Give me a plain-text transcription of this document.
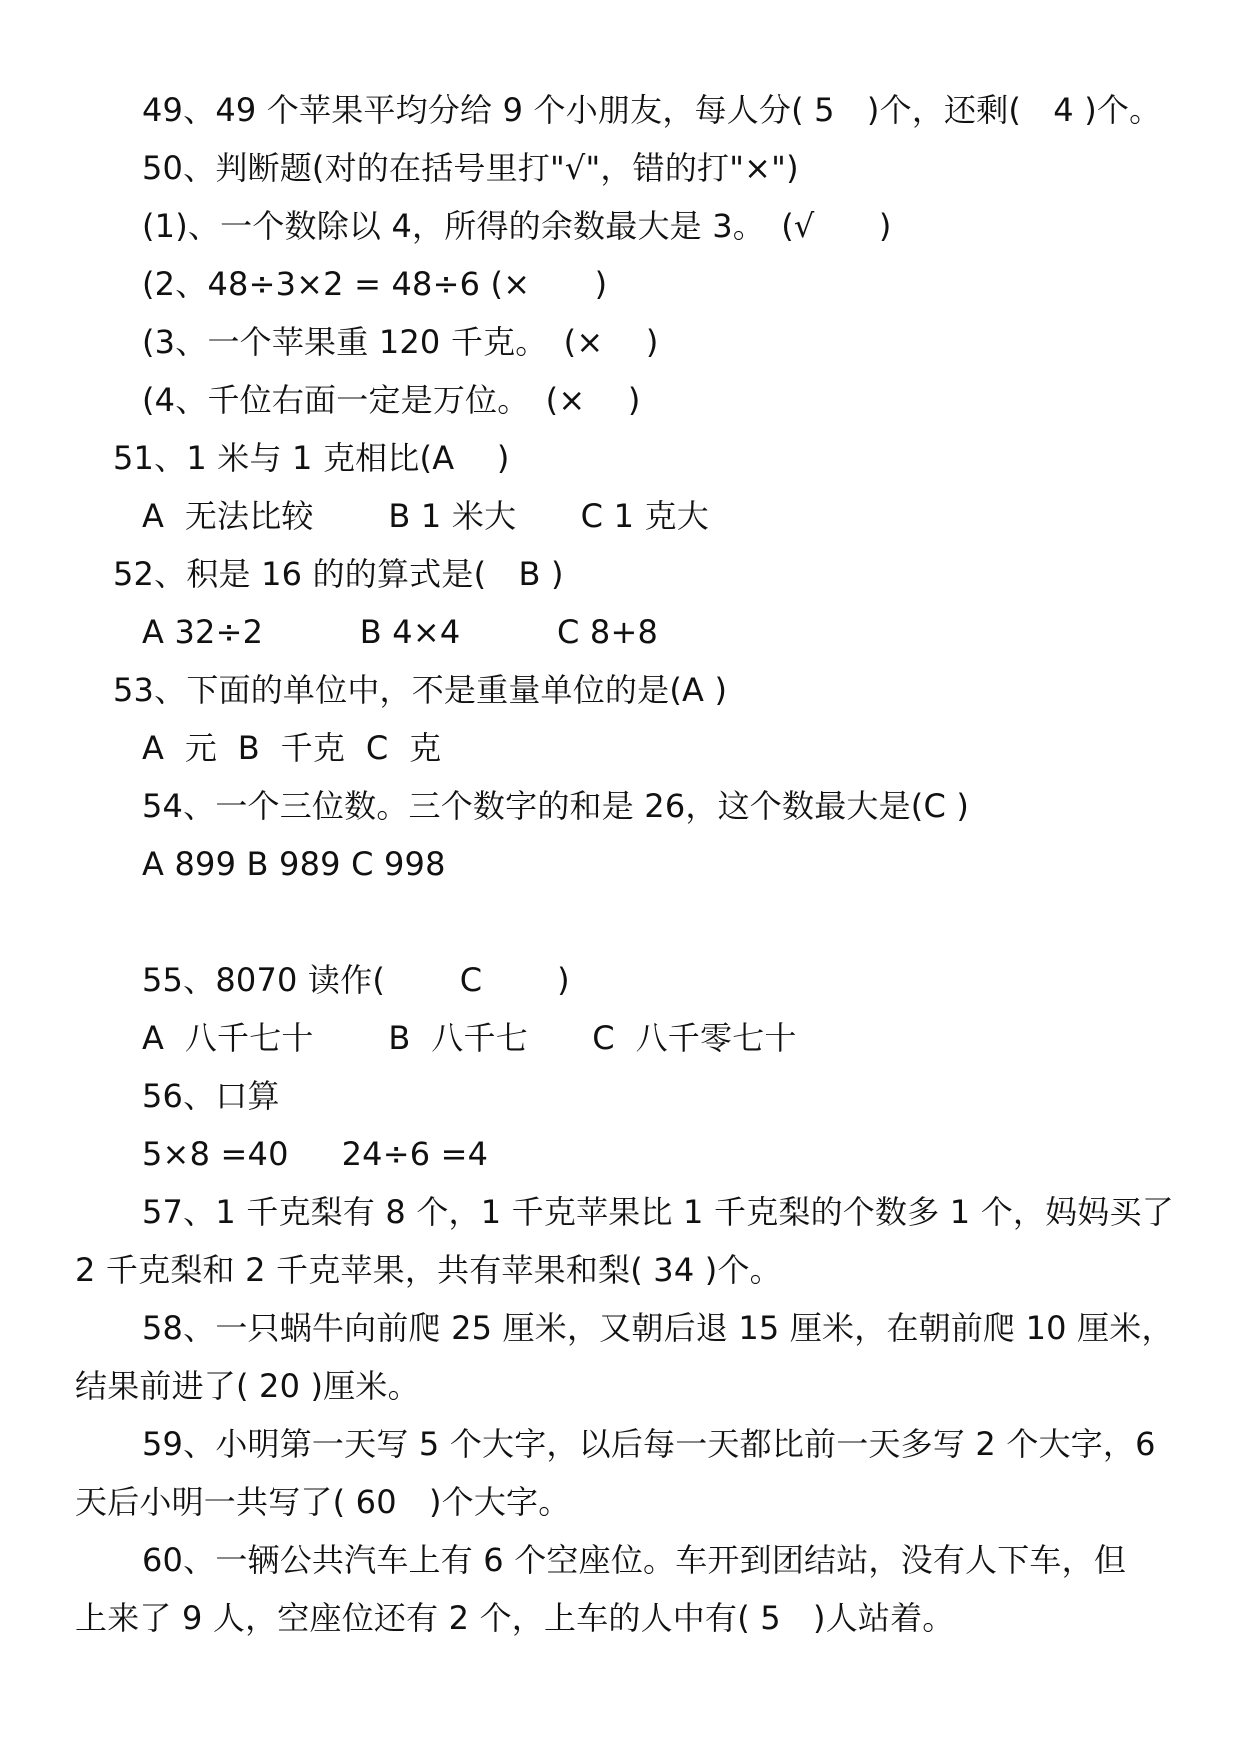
49、49 个苹果平均分给 9 个小朋友，每人分( 5　)个，还剩(　4 )个。
50、判断题(对的在括号里打"√"，错的打"×")
(1)、一个数除以 4，所得的余数最大是 3。　(√　　)
(2、48÷3×2 = 48÷6 (×　　)
(3、一个苹果重 120 千克。　(×　 )
(4、千位右面一定是万位。　(×　 )
51、1 米与 1 克相比(A　 )
A  无法比较　　 B 1 米大　　C 1 克大
52、积是 16 的的算式是(　B )
A 32÷2　　　B 4×4　　　C 8+8
53、下面的单位中，不是重量单位的是(A )
A  元  B  千克  C  克
54、一个三位数。三个数字的和是 26，这个数最大是(C )
A 899 B 989 C 998
55、8070 读作(　　 C　　 )
A  八千七十　　 B  八千七　　C  八千零七十
56、口算
5×8 =40　  24÷6 =4
57、1 千克梨有 8 个，1 千克苹果比 1 千克梨的个数多 1 个，妈妈买了
2 千克梨和 2 千克苹果，共有苹果和梨( 34 )个。
58、一只蜗牛向前爬 25 厘米，又朝后退 15 厘米，在朝前爬 10 厘米，
结果前进了( 20 )厘米。
59、小明第一天写 5 个大字，以后每一天都比前一天多写 2 个大字，6
天后小明一共写了( 60　)个大字。
60、一辆公共汽车上有 6 个空座位。车开到团结站，没有人下车，但
上来了 9 人，空座位还有 2 个，上车的人中有( 5　)人站着。
